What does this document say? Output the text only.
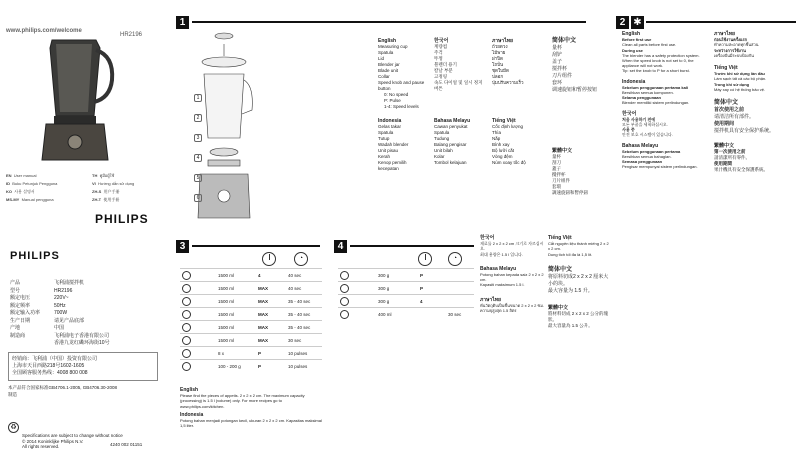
www.philips.com/welcome
HR2196
EN User manual
ID Buku Petunjuk Pengguna
KO 사용 설명서
MS-MY Manual pengguna
TH คู่มือผู้ใช้
VI Hướng dẫn sử dụng
ZH-S 用户手册
ZH-T 使用手冊
PHILIPS
PHILIPS
产品	飞利浦搅拌机
型号	HR2196
额定电压	220V~
额定频率	50Hz
额定输入功率	700W
生产日期	请见产品底部
产地	中国
制造商	飞利浦电子香港有限公司
香港九龙红磡环海街10号
经销商：飞利浦（中国）投资有限公司
上海市天目西路218号1602-1605
全国顾客服务热线：4008 800 008
本产品符合国家标准GB4706.1-2005, GB4706.30-2008
制造
♻
Specifications are subject to change without notice
© 2014 Koninklijke Philips N.V.
All rights reserved.	4240 002 01151
1
1
2
3
4
5
6
English
Measuring cup
Spatula
Lid
Blender jar
Blade unit
Collar
Speed knob and pause button
0: No speed
P: Pulse
1-4: Speed levels
Indonesia
Gelas takar
Spatula
Tutup
Wadah blender
Unit pisau
Kerah
Kenop pemilih kecepatan
한국어
계량컵
주걱
뚜껑
블렌더 용기
칼날 부분
고정링
속도 다이얼 및 일시 정지 버튼
Bahasa Melayu
Cawan penyukat
Spatula
Tudung
Balang pengisar
Unit bilah
Kolar
Tombol kelajuan
ภาษาไทย
ถ้วยตวง
ไม้พาย
ฝาปิด
โถปั่น
ชุดใบมีด
ปลอก
ปุ่มปรับความเร็ว
Tiếng Việt
Cốc định lượng
Thìa
Nắp
Bình xay
Bộ lưỡi cắt
Vòng đệm
Núm xoay tốc độ
简体中文
量杯
刮铲
盖子
搅拌杯
刀片组件
套环
调速旋钮和暂停按钮
繁體中文
量杯
刮刀
蓋子
攪拌杯
刀片組件
套環
調速旋鈕和暫停鈕
2 ✱
English
Before first use
Clean all parts before first use.
During use
The blender has a safety protection system.
When the speed knob is not set to 0, the appliance will not work.
Tip: set the knob to P for a short burst.
Indonesia
Sebelum penggunaan pertama kali
Bersihkan semua komponen.
Selama penggunaan
Blender memiliki sistem perlindungan.
한국어
처음 사용하기 전에
모든 부품을 세척하십시오.
사용 중
안전 보호 시스템이 있습니다.
Bahasa Melayu
Sebelum penggunaan pertama
Bersihkan semua bahagian.
Semasa penggunaan
Pengisar mempunyai sistem perlindungan.
ภาษาไทย
ก่อนใช้งานครั้งแรก
ทำความสะอาดทุกชิ้นส่วน
ระหว่างการใช้งาน
เครื่องปั่นมีระบบป้องกัน
Tiếng Việt
Trước khi sử dụng lần đầu
Làm sạch tất cả các bộ phận.
Trong khi sử dụng
Máy xay có hệ thống bảo vệ.
简体中文
首次使用之前
请清洁所有部件。
使用期间
搅拌机具有安全保护系统。
繁體中文
第一次使用之前
請清潔所有零件。
使用期間
果汁機具有安全保護系統。
3
1500 ml	4	40 sec
1500 ml	MAX	40 sec
1500 ml	MAX	35 - 40 sec
1500 ml	MAX	35 - 40 sec
1500 ml	MAX	35 - 40 sec
1500 ml	MAX	30 sec
8 x	P	10 pulses
100 - 200 g	P	10 pulses
◔
English
Please find the pieces of appetis. 2 x 2 x 2 cm. The maximum capacity (processing) is 1.5 l (volume) only. For more recipes go to www.philips.com/kitchen.
Indonesia
Potong bahan menjadi potongan kecil, ukuran 2 x 2 x 2 cm. Kapasitas maksimal 1,5 liter.
4
300 g	P
300 g	P
300 g	4
400 ml	30 sec
◔
한국어
재료를 2 x 2 x 2 cm 크기로 자르십시오.
최대 용량은 1.5 l 입니다.
Bahasa Melayu
Potong bahan kepada saiz 2 x 2 x 2 cm.
Kapasiti maksimum 1.5 l.
ภาษาไทย
หั่นวัตถุดิบเป็นชิ้นขนาด 2 x 2 x 2 ซม.
ความจุสูงสุด 1.5 ลิตร
Tiếng Việt
Cắt nguyên liệu thành miếng 2 x 2 x 2 cm.
Dung tích tối đa là 1,5 lít.
简体中文
将原料切成2 x 2 x 2 厘米大小的块。
最大容量为 1.5 升。
繁體中文
將材料切成 2 x 2 x 2 公分的塊狀。
最大容量為 1.5 公升。
